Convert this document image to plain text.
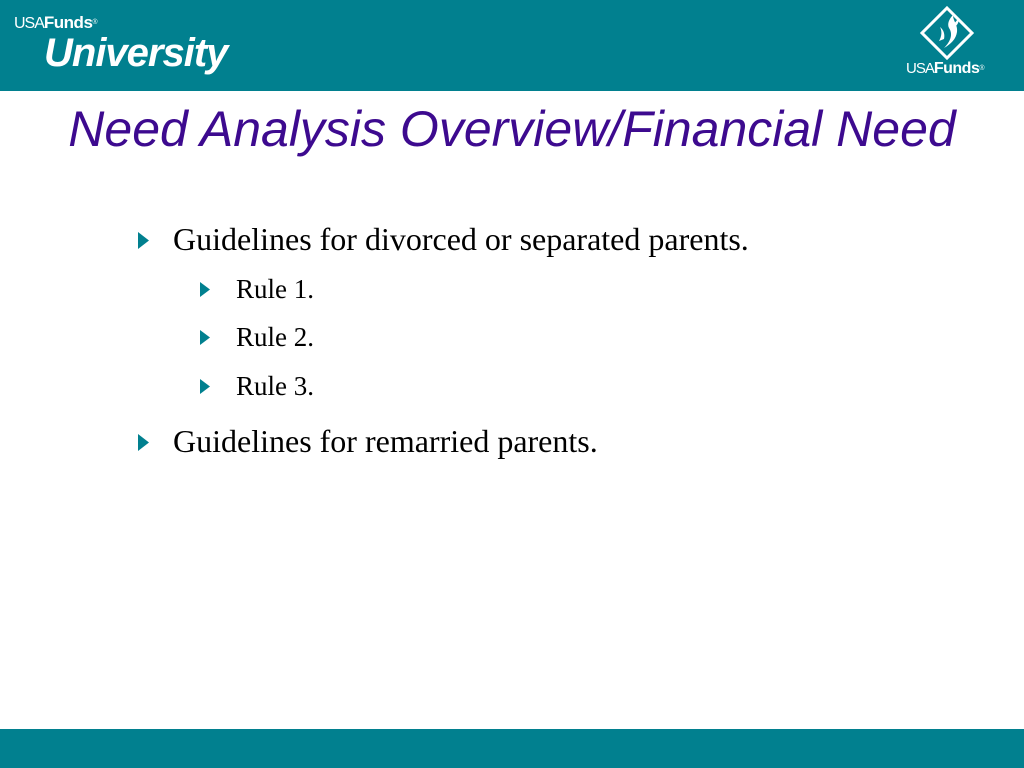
USAFunds®
University	USAFunds®
Need Analysis Overview/Financial Need
Guidelines for divorced or separated parents.
Rule 1.
Rule 2.
Rule 3.
Guidelines for remarried parents.
